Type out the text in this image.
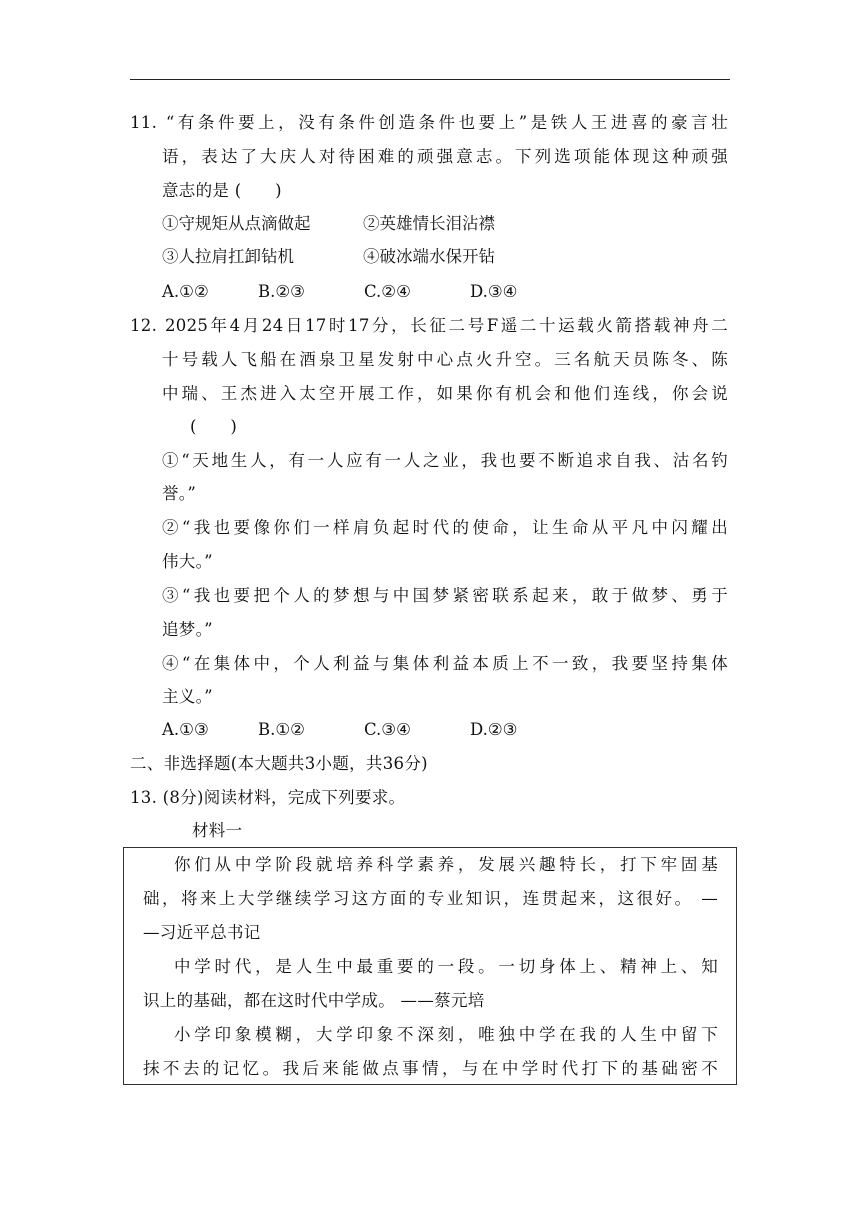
11. “有条件要上，没有条件创造条件也要上”是铁人王进喜的豪言壮
语，表达了大庆人对待困难的顽强意志。下列选项能体现这种顽强
意志的是 (　　)
①守规矩从点滴做起	②英雄情长泪沾襟
③人拉肩扛卸钻机	④破冰端水保开钻
A.①②	B.②③	C.②④	D.③④
12. 2025年4月24日17时17分，长征二号F遥二十运载火箭搭载神舟二
十号载人飞船在酒泉卫星发射中心点火升空。三名航天员陈冬、陈
中瑞、王杰进入太空开展工作，如果你有机会和他们连线，你会说
(　　)
①“天地生人，有一人应有一人之业，我也要不断追求自我、沽名钓
誉。”
②“我也要像你们一样肩负起时代的使命，让生命从平凡中闪耀出
伟大。”
③“我也要把个人的梦想与中国梦紧密联系起来，敢于做梦、勇于
追梦。”
④“在集体中，个人利益与集体利益本质上不一致，我要坚持集体
主义。”
A.①③	B.①②	C.③④	D.②③
二、非选择题(本大题共3小题，共36分)
13. (8分)阅读材料，完成下列要求。
材料一
你们从中学阶段就培养科学素养，发展兴趣特长，打下牢固基
础，将来上大学继续学习这方面的专业知识，连贯起来，这很好。 —
—习近平总书记
中学时代，是人生中最重要的一段。一切身体上、精神上、知
识上的基础，都在这时代中学成。 ——蔡元培
小学印象模糊，大学印象不深刻，唯独中学在我的人生中留下
抹不去的记忆。我后来能做点事情，与在中学时代打下的基础密不
